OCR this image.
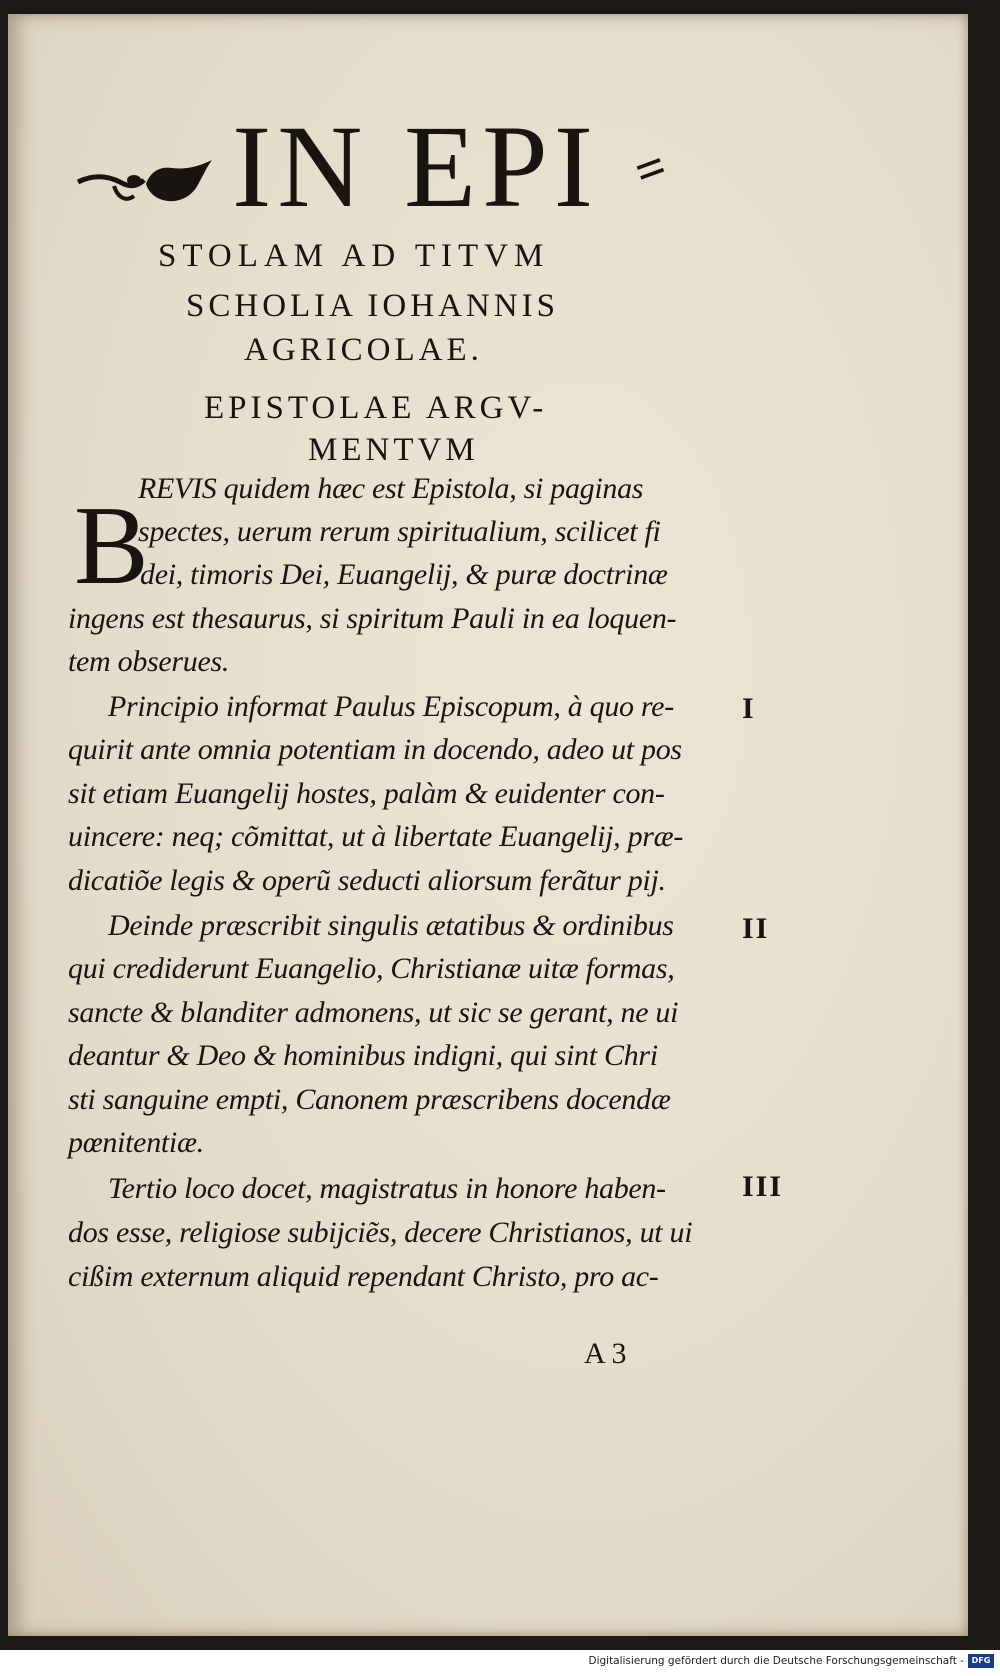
IN EPI =
STOLAM AD TITVM
SCHOLIA IOHANNIS
AGRICOLAE.
EPISTOLAE ARGV-
MENTVM
B

REVIS quidem hæc est Epistola, si paginas

spectes, uerum rerum spiritualium, scilicet fi

dei, timoris Dei, Euangelij, & puræ doctrinæ

ingens est thesaurus, si spiritum Pauli in ea loquen-

tem obserues.

Principio informat Paulus Episcopum, à quo re-

quirit ante omnia potentiam in docendo, adeo ut pos

sit etiam Euangelij hostes, palàm & euidenter con-

uincere: neq; cõmittat, ut à libertate Euangelij, præ-

dicatiõe legis & operũ seducti aliorsum ferãtur pij.

Deinde præscribit singulis ætatibus & ordinibus

qui crediderunt Euangelio, Christianæ uitæ formas,

sancte & blanditer admonens, ut sic se gerant, ne ui

deantur & Deo & hominibus indigni, qui sint Chri

sti sanguine empti, Canonem præscribens docendæ

pœnitentiæ.

Tertio loco docet, magistratus in honore haben-

dos esse, religiose subijciẽs, decere Christianos, ut ui

cißim externum aliquid rependant Christo, pro ac-

I
II
III

A 3

Digitalisierung gefördert durch die Deutsche Forschungsgemeinschaft - DFG
